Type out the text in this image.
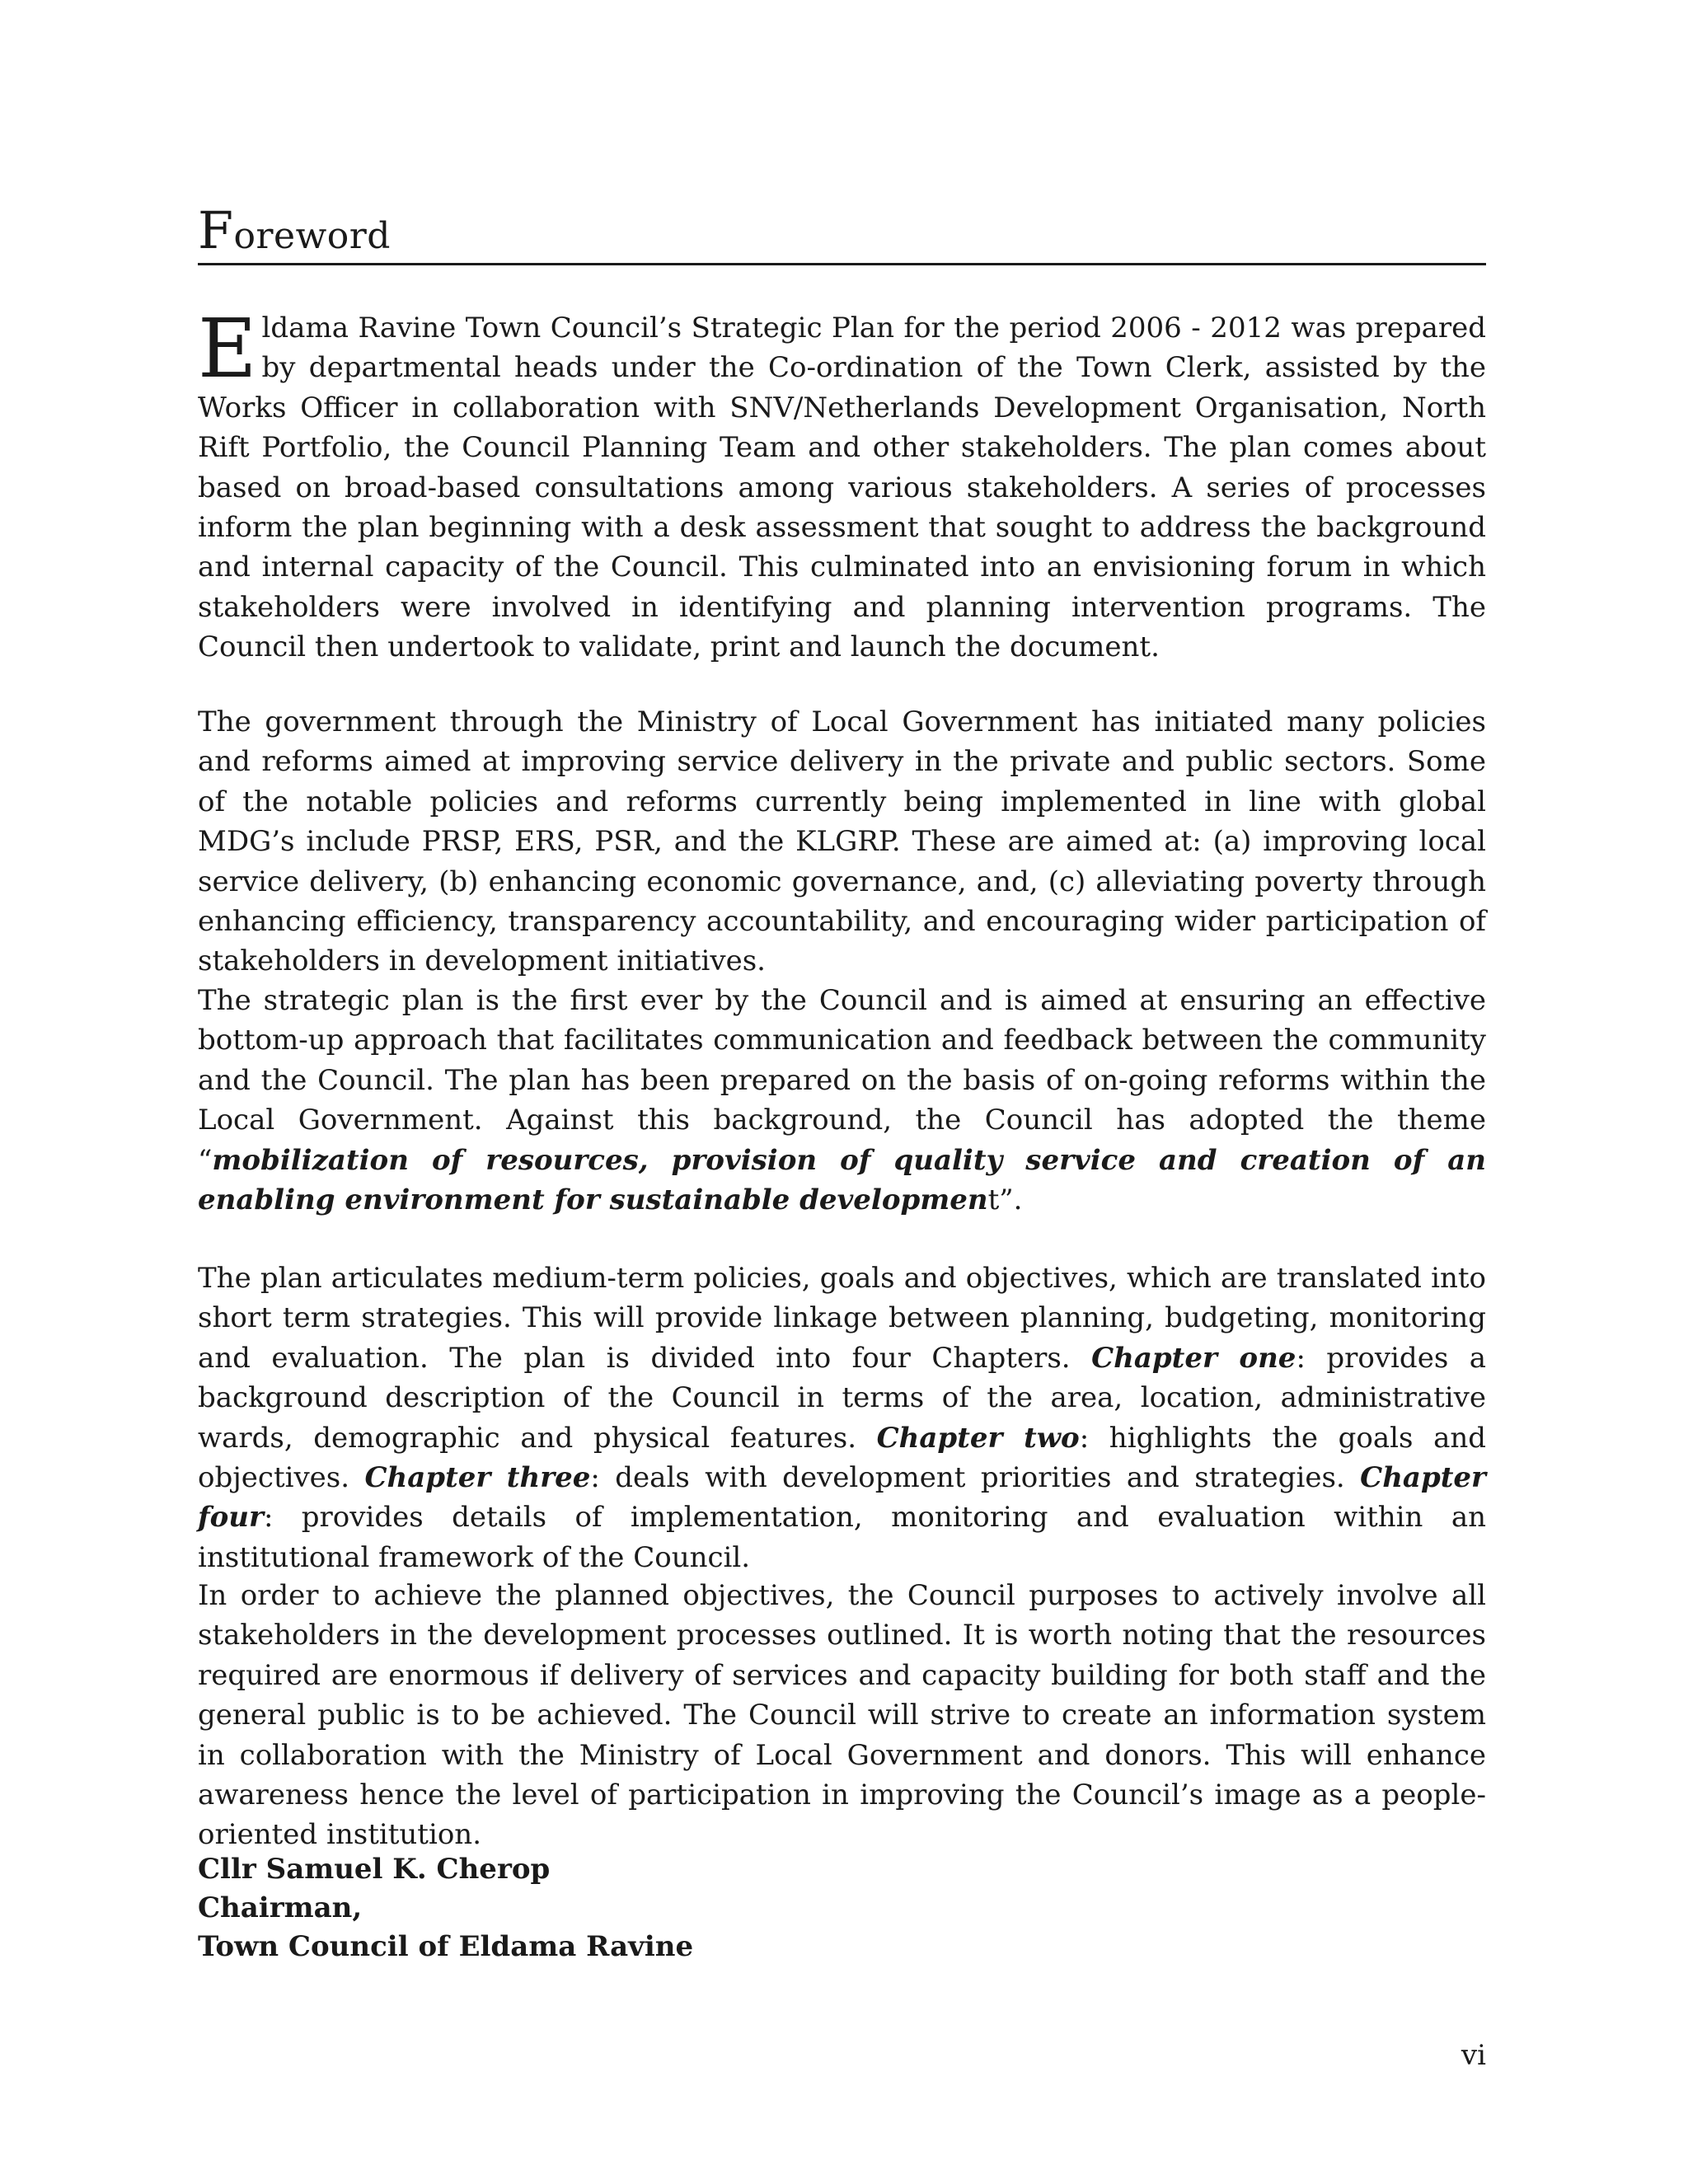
Foreword

Eldama Ravine Town Council’s Strategic Plan for the period 2006 - 2012 was prepared by departmental heads under the Co-ordination of the Town Clerk, assisted by the Works Officer in collaboration with SNV/Netherlands Development Organisation, North Rift Portfolio, the Council Planning Team and other stakeholders. The plan comes about based on broad-based consultations among various stakeholders. A series of processes inform the plan beginning with a desk assessment that sought to address the background and internal capacity of the Council. This culminated into an envisioning forum in which stakeholders were involved in identifying and planning intervention programs. The Council then undertook to validate, print and launch the document.

The government through the Ministry of Local Government has initiated many policies and reforms aimed at improving service delivery in the private and public sectors. Some of the notable policies and reforms currently being implemented in line with global MDG’s include PRSP, ERS, PSR, and the KLGRP. These are aimed at: (a) improving local service delivery, (b) enhancing economic governance, and, (c) alleviating poverty through enhancing efficiency, transparency accountability, and encouraging wider participation of stakeholders in development initiatives.

The strategic plan is the first ever by the Council and is aimed at ensuring an effective bottom-up approach that facilitates communication and feedback between the community and the Council. The plan has been prepared on the basis of on-going reforms within the Local Government. Against this background, the Council has adopted the theme “mobilization of resources, provision of quality service and creation of an enabling environment for sustainable development”.

The plan articulates medium-term policies, goals and objectives, which are translated into short term strategies. This will provide linkage between planning, budgeting, monitoring and evaluation. The plan is divided into four Chapters. Chapter one: provides a background description of the Council in terms of the area, location, administrative wards, demographic and physical features. Chapter two: highlights the goals and objectives. Chapter three: deals with development priorities and strategies. Chapter four: provides details of implementation, monitoring and evaluation within an institutional framework of the Council.

In order to achieve the planned objectives, the Council purposes to actively involve all stakeholders in the development processes outlined. It is worth noting that the resources required are enormous if delivery of services and capacity building for both staff and the general public is to be achieved. The Council will strive to create an information system in collaboration with the Ministry of Local Government and donors. This will enhance awareness hence the level of participation in improving the Council’s image as a people-oriented institution.

Cllr Samuel K. Cherop
Chairman,
Town Council of Eldama Ravine
vi
